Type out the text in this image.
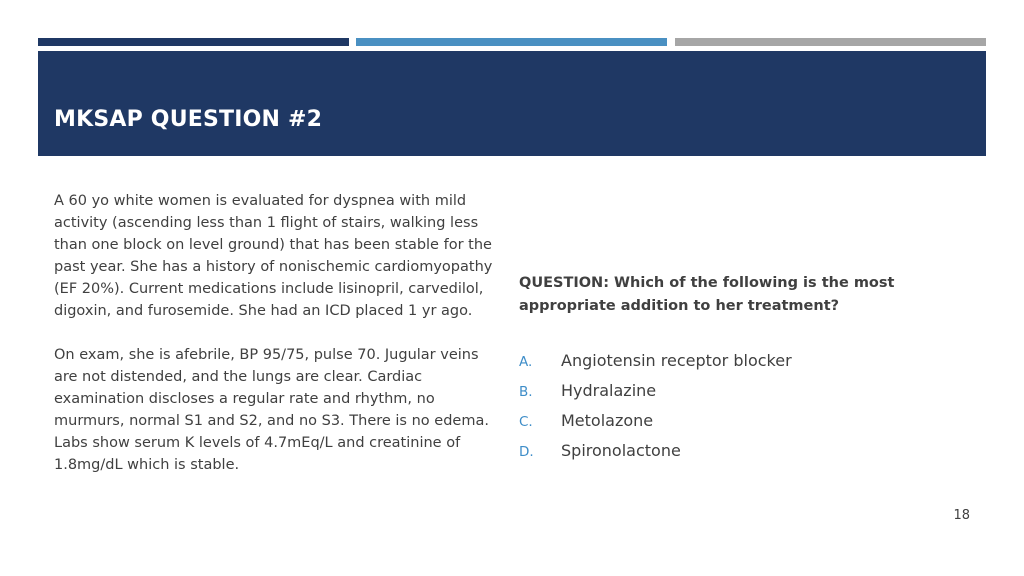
MKSAP QUESTION #2

A 60 yo white women is evaluated for dyspnea with mild activity (ascending less than 1 flight of stairs, walking less than one block on level ground) that has been stable for the past year. She has a history of nonischemic cardiomyopathy (EF 20%). Current medications include lisinopril, carvedilol, digoxin, and furosemide. She had an ICD placed 1 yr ago.

On exam, she is afebrile, BP 95/75, pulse 70. Jugular veins are not distended, and the lungs are clear. Cardiac examination discloses a regular rate and rhythm, no murmurs, normal S1 and S2, and no S3. There is no edema. Labs show serum K levels of 4.7mEq/L and creatinine of 1.8mg/dL which is stable.

QUESTION: Which of the following is the most appropriate addition to her treatment?

A.	Angiotensin receptor blocker
B.	Hydralazine
C.	Metolazone
D.	Spironolactone
18
